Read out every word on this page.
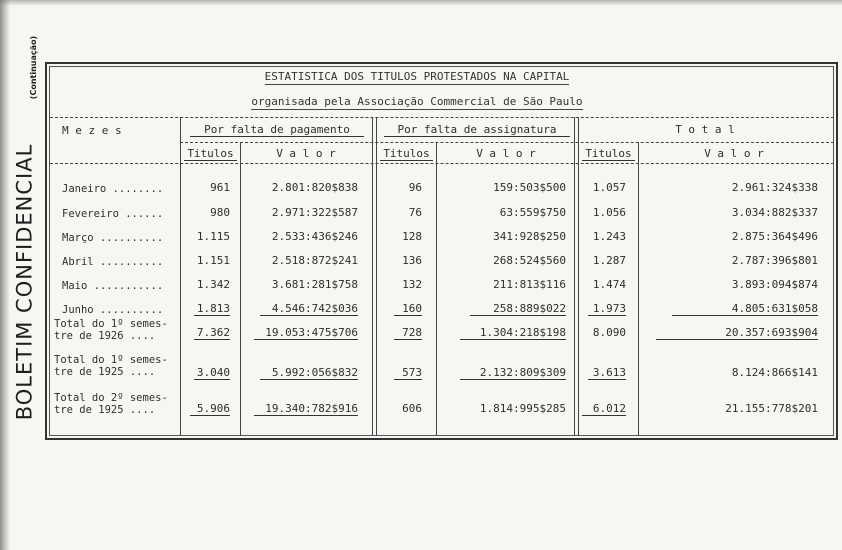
BOLETIM CONFIDENCIAL
(Continuação)	ESTATISTICA DOS TITULOS PROTESTADOS NA CAPITAL
organisada pela Associação Commercial de São Paulo
M e z e s	Por falta de pagamento	Por falta de assignatura	T o t a l
Titulos	V a l o r	Titulos	V a l o r	Titulos	V a l o r
Janeiro ........	961	2.801:820$838	96	159:503$500	1.057	2.961:324$338
Fevereiro ......	980	2.971:322$587	76	63:559$750	1.056	3.034:882$337
Março ..........	1.115	2.533:436$246	128	341:928$250	1.243	2.875:364$496
Abril ..........	1.151	2.518:872$241	136	268:524$560	1.287	2.787:396$801
Maio ...........	1.342	3.681:281$758	132	211:813$116	1.474	3.893:094$874
Junho ..........	1.813	4.546:742$036	160	258:889$022	1.973	4.805:631$058
Total do 1º semes-
tre de 1926 ....	7.362	19.053:475$706	728	1.304:218$198	8.090	20.357:693$904
Total do 1º semes-
tre de 1925 ....	3.040	5.992:056$832	573	2.132:809$309	3.613	8.124:866$141
Total do 2º semes-
tre de 1925 ....	5.906	19.340:782$916	606	1.814:995$285	6.012	21.155:778$201
